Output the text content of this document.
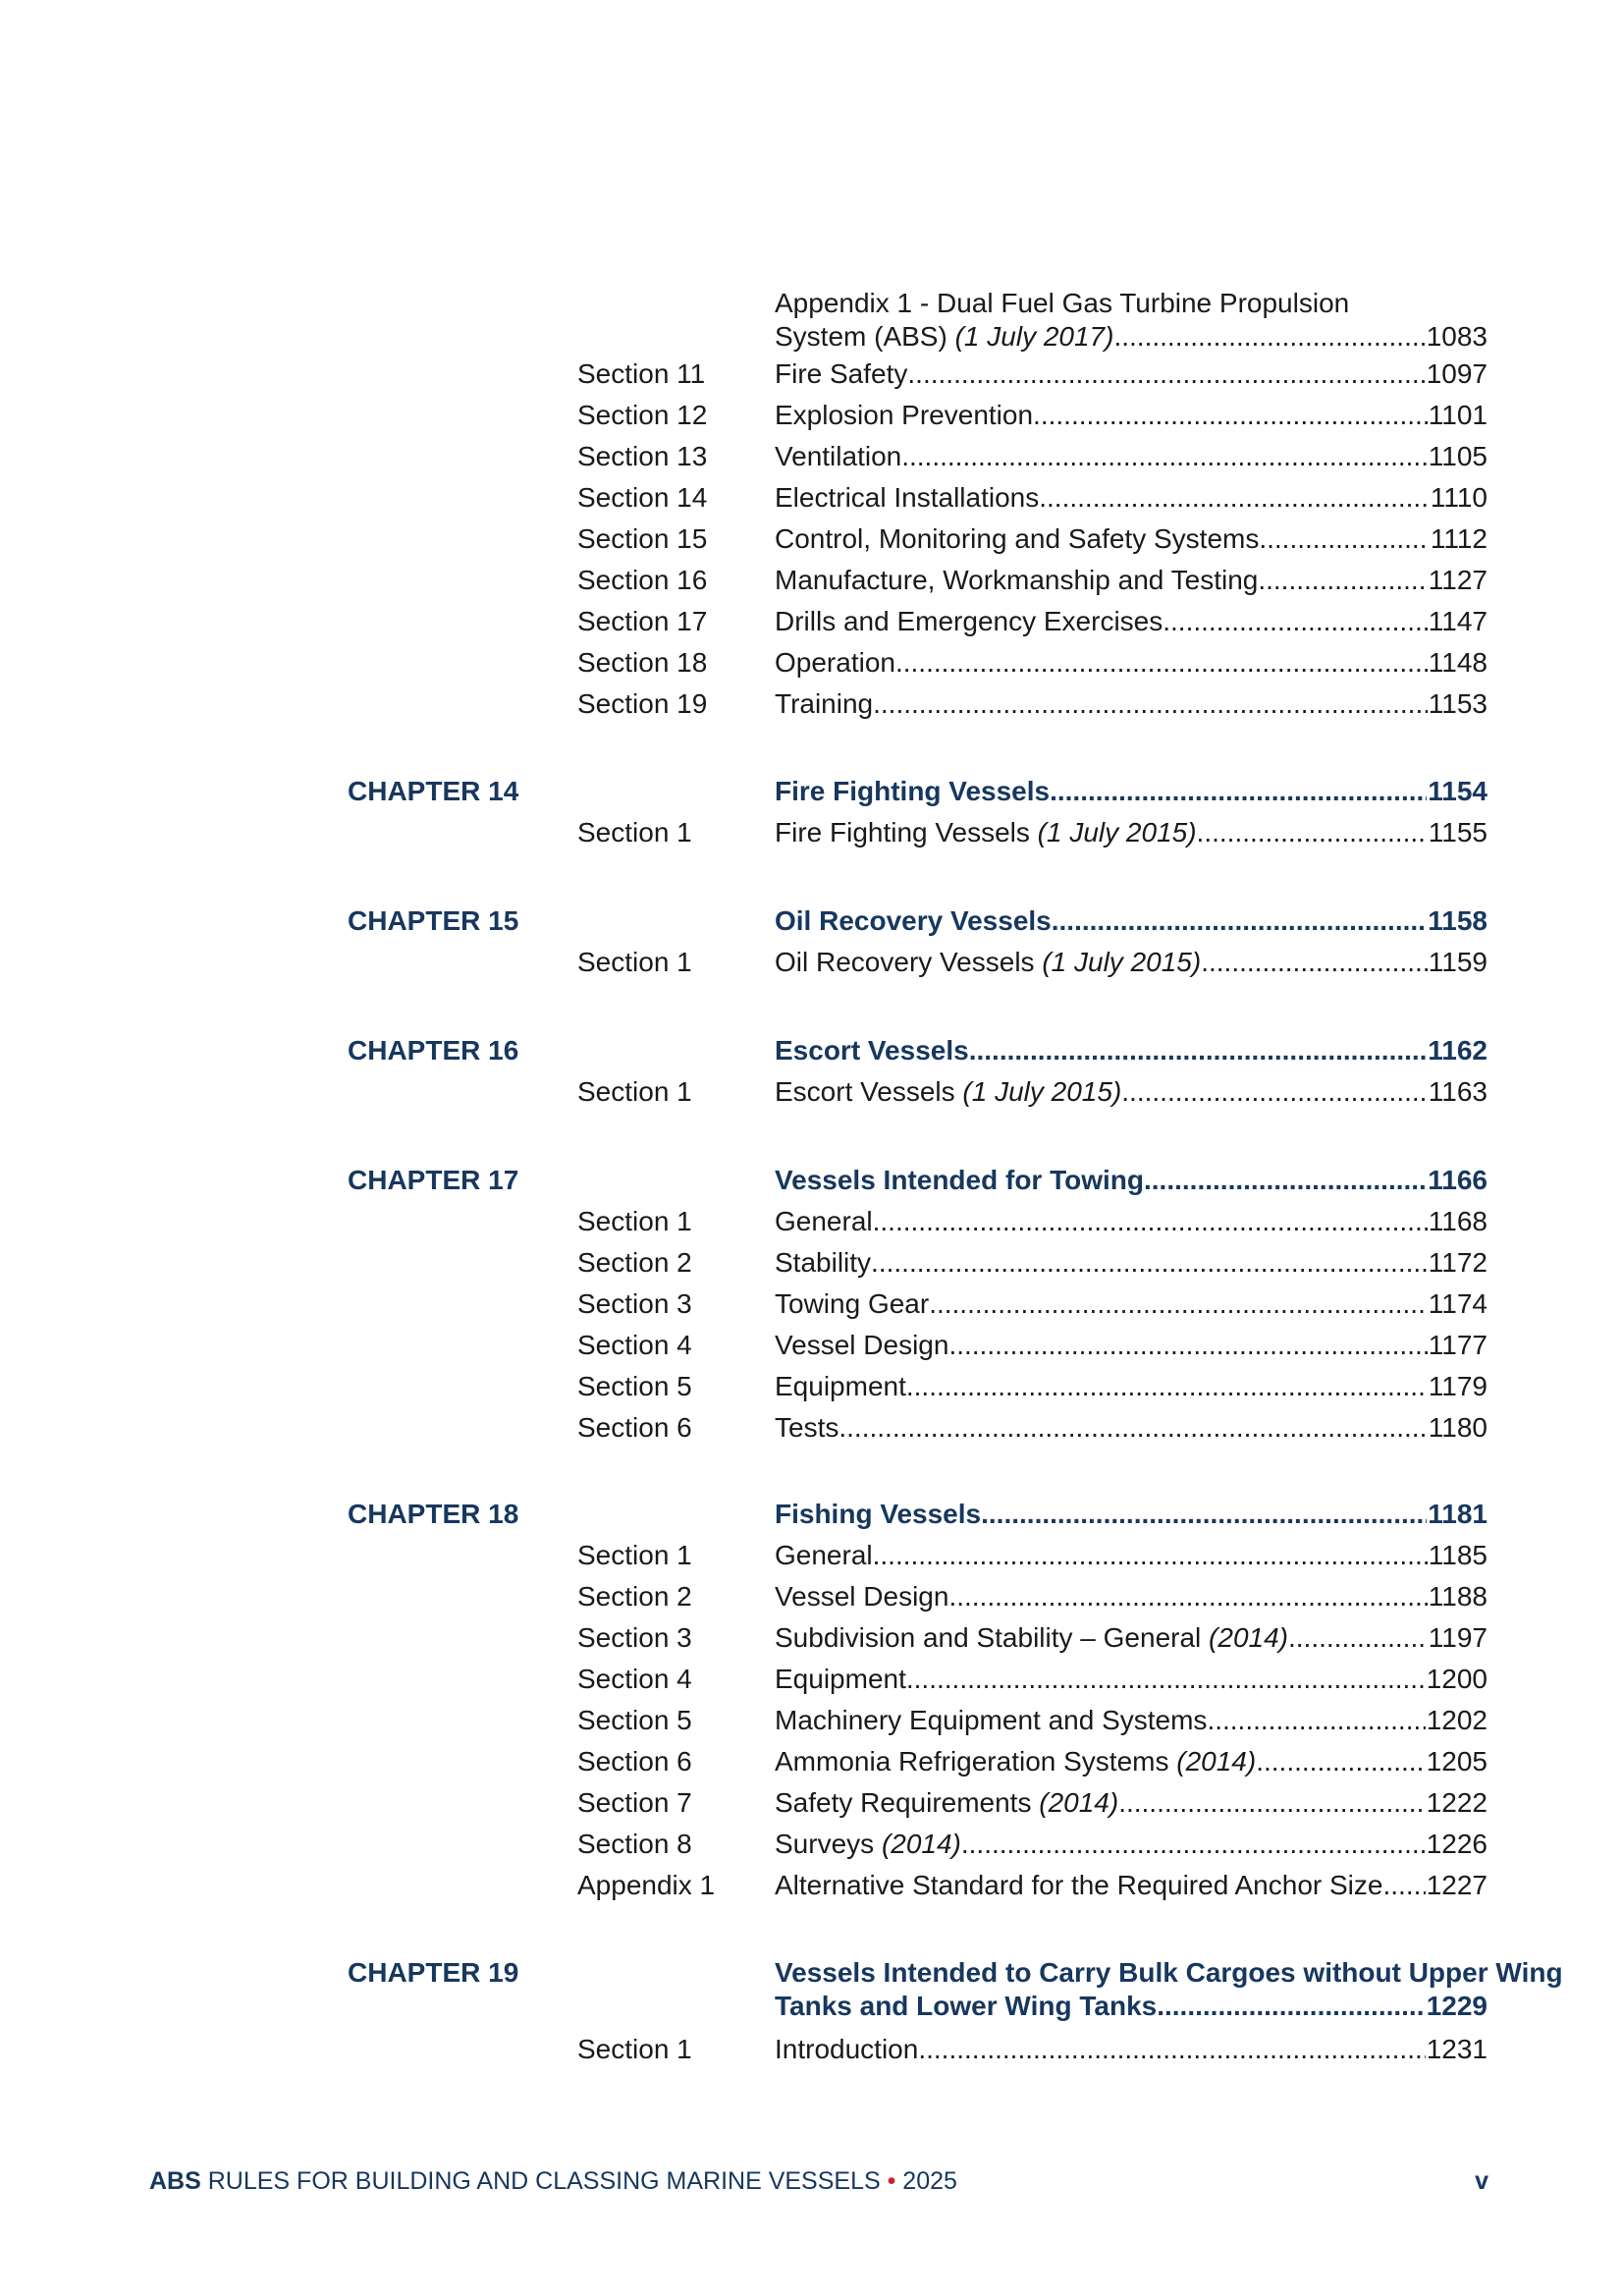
Appendix 1 - Dual Fuel Gas Turbine Propulsion
System (ABS) (1 July 2017) .....	1083
Section 11	Fire Safety .....	1097
Section 12 Explosion Prevention .....	1101
Section 13 Ventilation .....	1105
Section 14 Electrical Installations .....	1110
Section 15 Control, Monitoring and Safety Systems .....	1112
Section 16 Manufacture, Workmanship and Testing .....	1127
Section 17 Drills and Emergency Exercises .....	1147
Section 18 Operation .....	1148
Section 19 Training .....	1153
CHAPTER 14	Fire Fighting Vessels .....	1154
Section 1	Fire Fighting Vessels (1 July 2015) .....	1155
CHAPTER 15	Oil Recovery Vessels .....	1158
Section 1	Oil Recovery Vessels (1 July 2015) .....	1159
CHAPTER 16	Escort Vessels .....	1162
Section 1	Escort Vessels (1 July 2015) .....	1163
CHAPTER 17	Vessels Intended for Towing .....	1166
Section 1	General .....	1168
Section 2	Stability .....	1172
Section 3	Towing Gear .....	1174
Section 4	Vessel Design .....	1177
Section 5	Equipment .....	1179
Section 6	Tests .....	1180
CHAPTER 18	Fishing Vessels .....	1181
Section 1	General .....	1185
Section 2	Vessel Design .....	1188
Section 3	Subdivision and Stability – General (2014) .....	1197
Section 4	Equipment .....	1200
Section 5	Machinery Equipment and Systems .....	1202
Section 6	Ammonia Refrigeration Systems (2014) .....	1205
Section 7	Safety Requirements (2014) .....	1222
Section 8	Surveys (2014) .....	1226
Appendix 1 Alternative Standard for the Required Anchor Size ..... 1227
CHAPTER 19	Vessels Intended to Carry Bulk Cargoes without Upper Wing
Tanks and Lower Wing Tanks .....	1229
Section 1	Introduction .....	1231
ABS RULES FOR BUILDING AND CLASSING MARINE VESSELS • 2025	v
